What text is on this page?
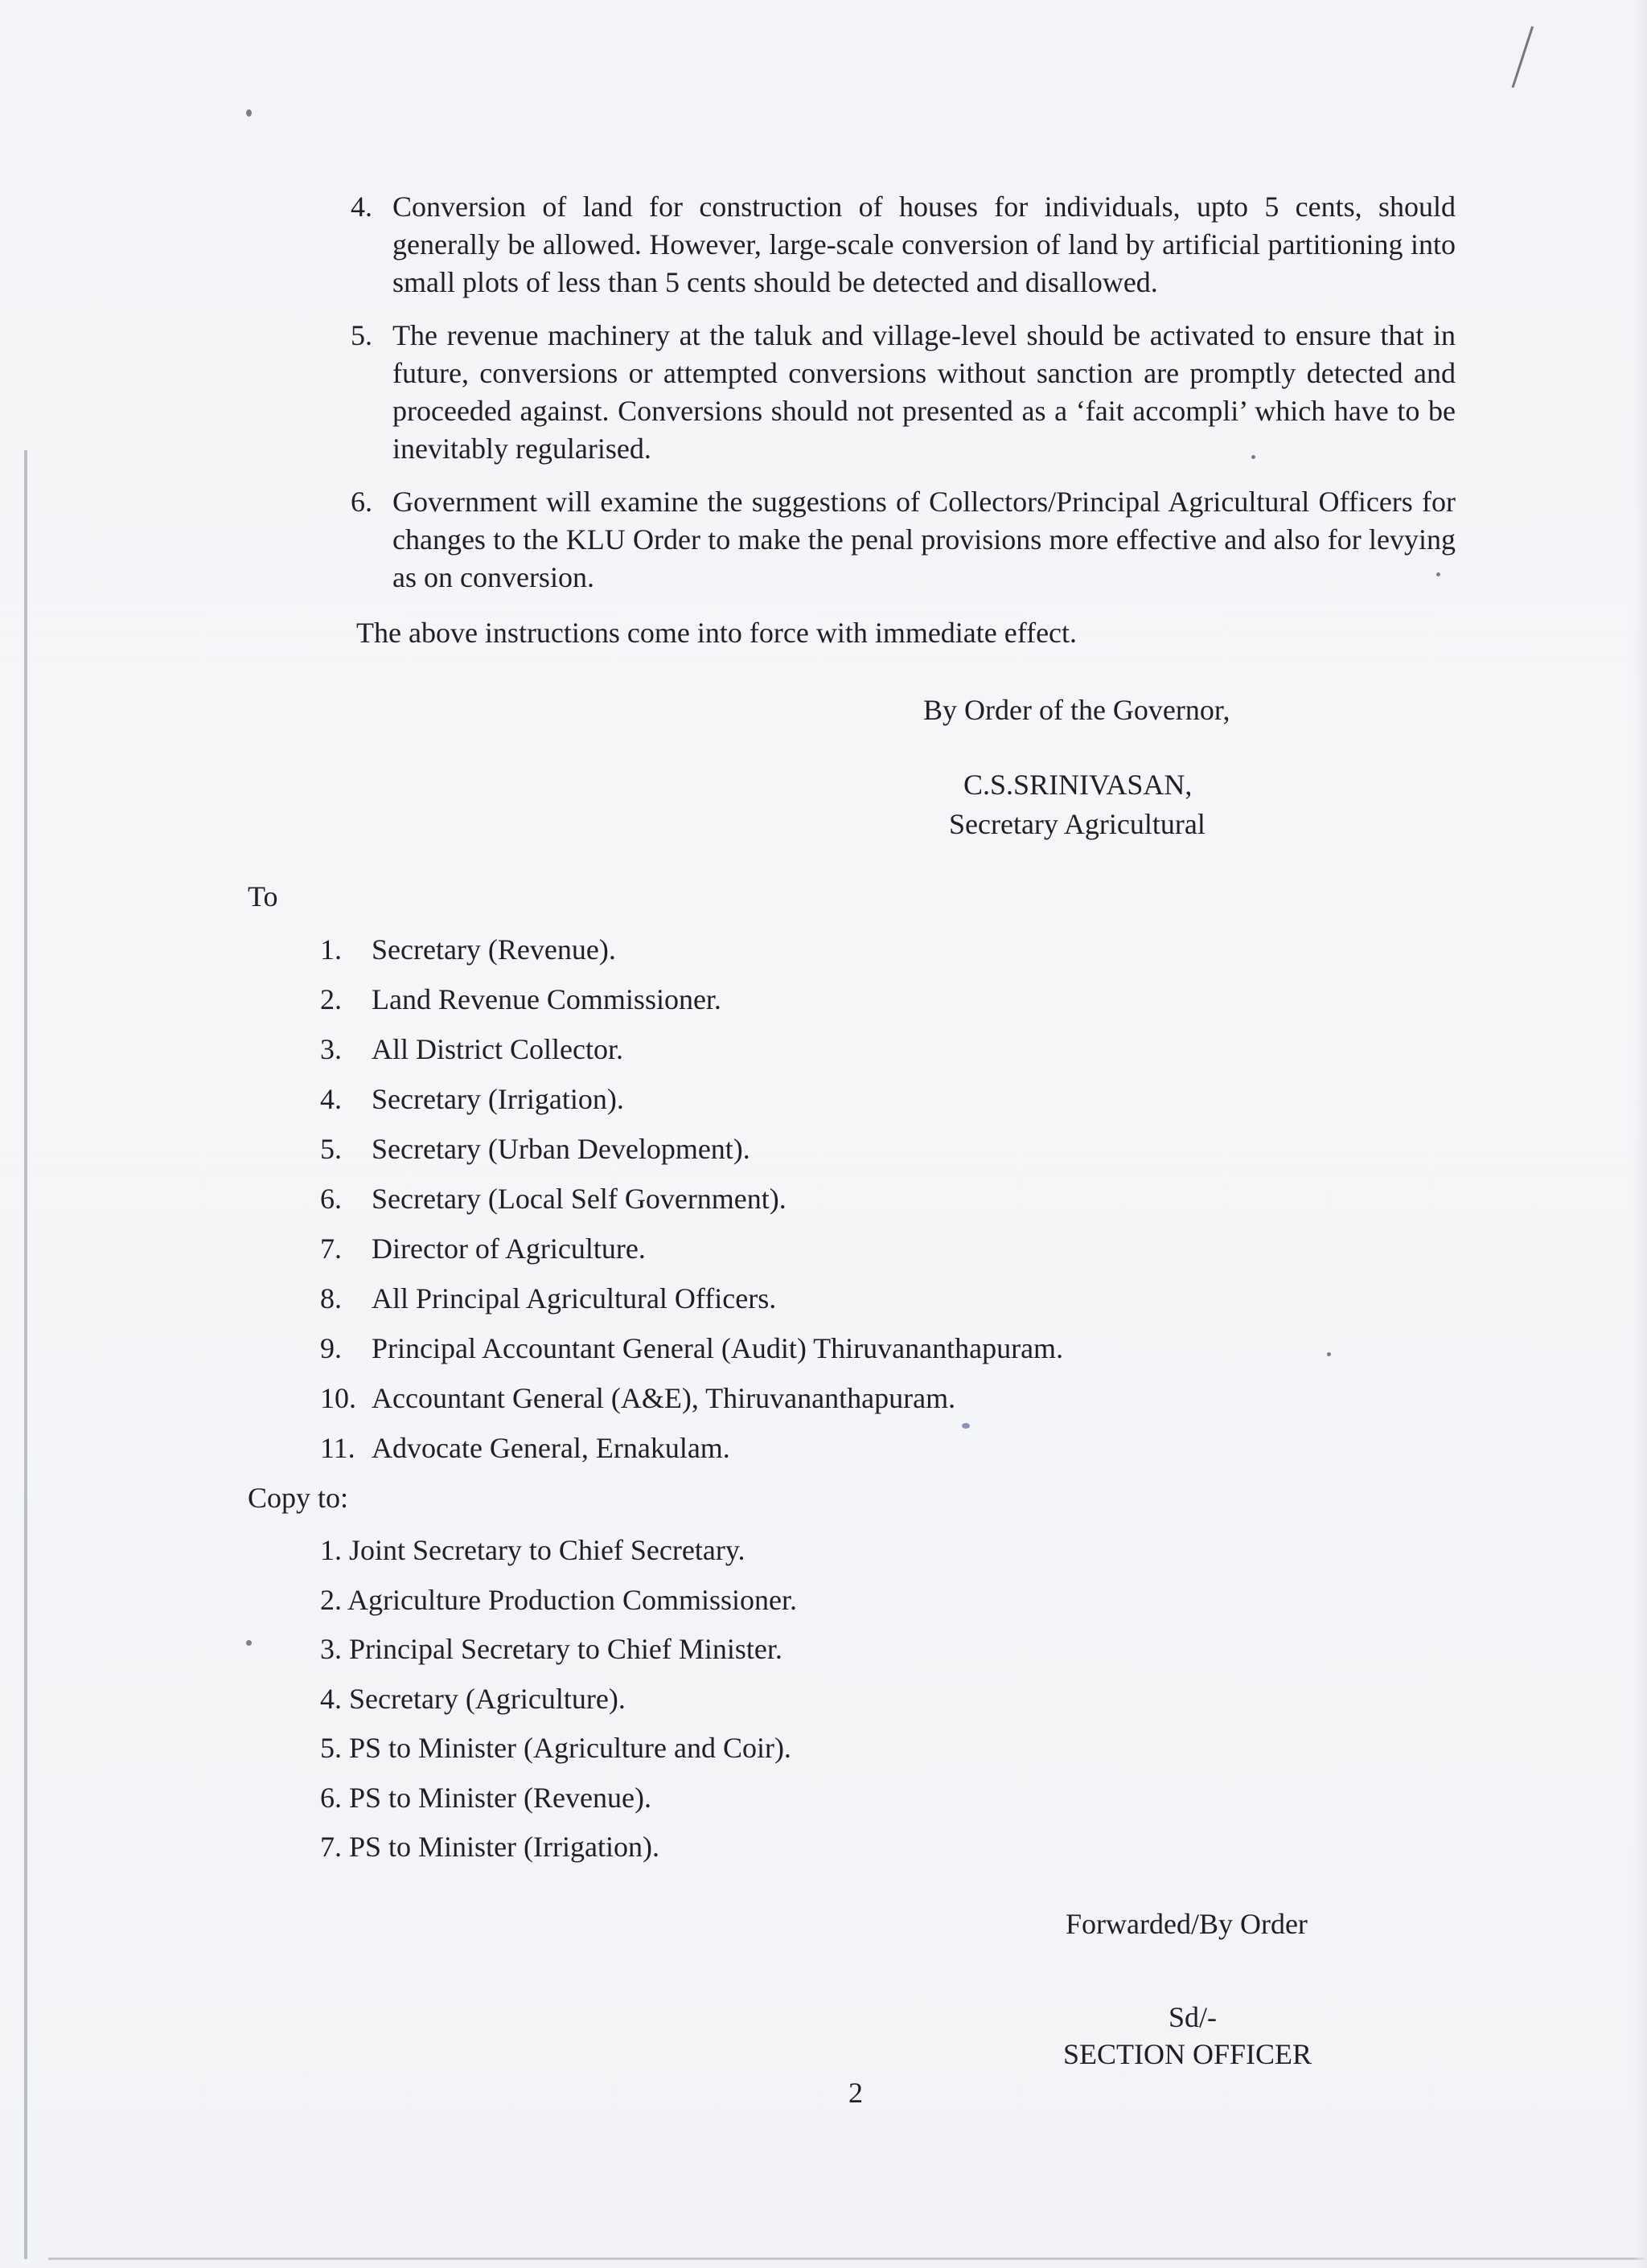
4. Conversion of land for construction of houses for individuals, upto 5 cents, should generally be allowed. However, large-scale conversion of land by artificial partitioning into small plots of less than 5 cents should be detected and disallowed.
5. The revenue machinery at the taluk and village-level should be activated to ensure that in future, conversions or attempted conversions without sanction are promptly detected and proceeded against. Conversions should not presented as a ‘fait accompli’ which have to be inevitably regularised.
6. Government will examine the suggestions of Collectors/Principal Agricultural Officers for changes to the KLU Order to make the penal provisions more effective and also for levying as on conversion.
The above instructions come into force with immediate effect.
By Order of the Governor,
C.S.SRINIVASAN,
Secretary Agricultural
To
1. Secretary (Revenue).
2. Land Revenue Commissioner.
3. All District Collector.
4. Secretary (Irrigation).
5. Secretary (Urban Development).
6. Secretary (Local Self Government).
7. Director of Agriculture.
8. All Principal Agricultural Officers.
9. Principal Accountant General (Audit) Thiruvananthapuram.
10. Accountant General (A&E), Thiruvananthapuram.
11. Advocate General, Ernakulam.
Copy to:
1. Joint Secretary to Chief Secretary.
2. Agriculture Production Commissioner.
3. Principal Secretary to Chief Minister.
4. Secretary (Agriculture).
5. PS to Minister (Agriculture and Coir).
6. PS to Minister (Revenue).
7. PS to Minister (Irrigation).
Forwarded/By Order
Sd/-
SECTION OFFICER
2
